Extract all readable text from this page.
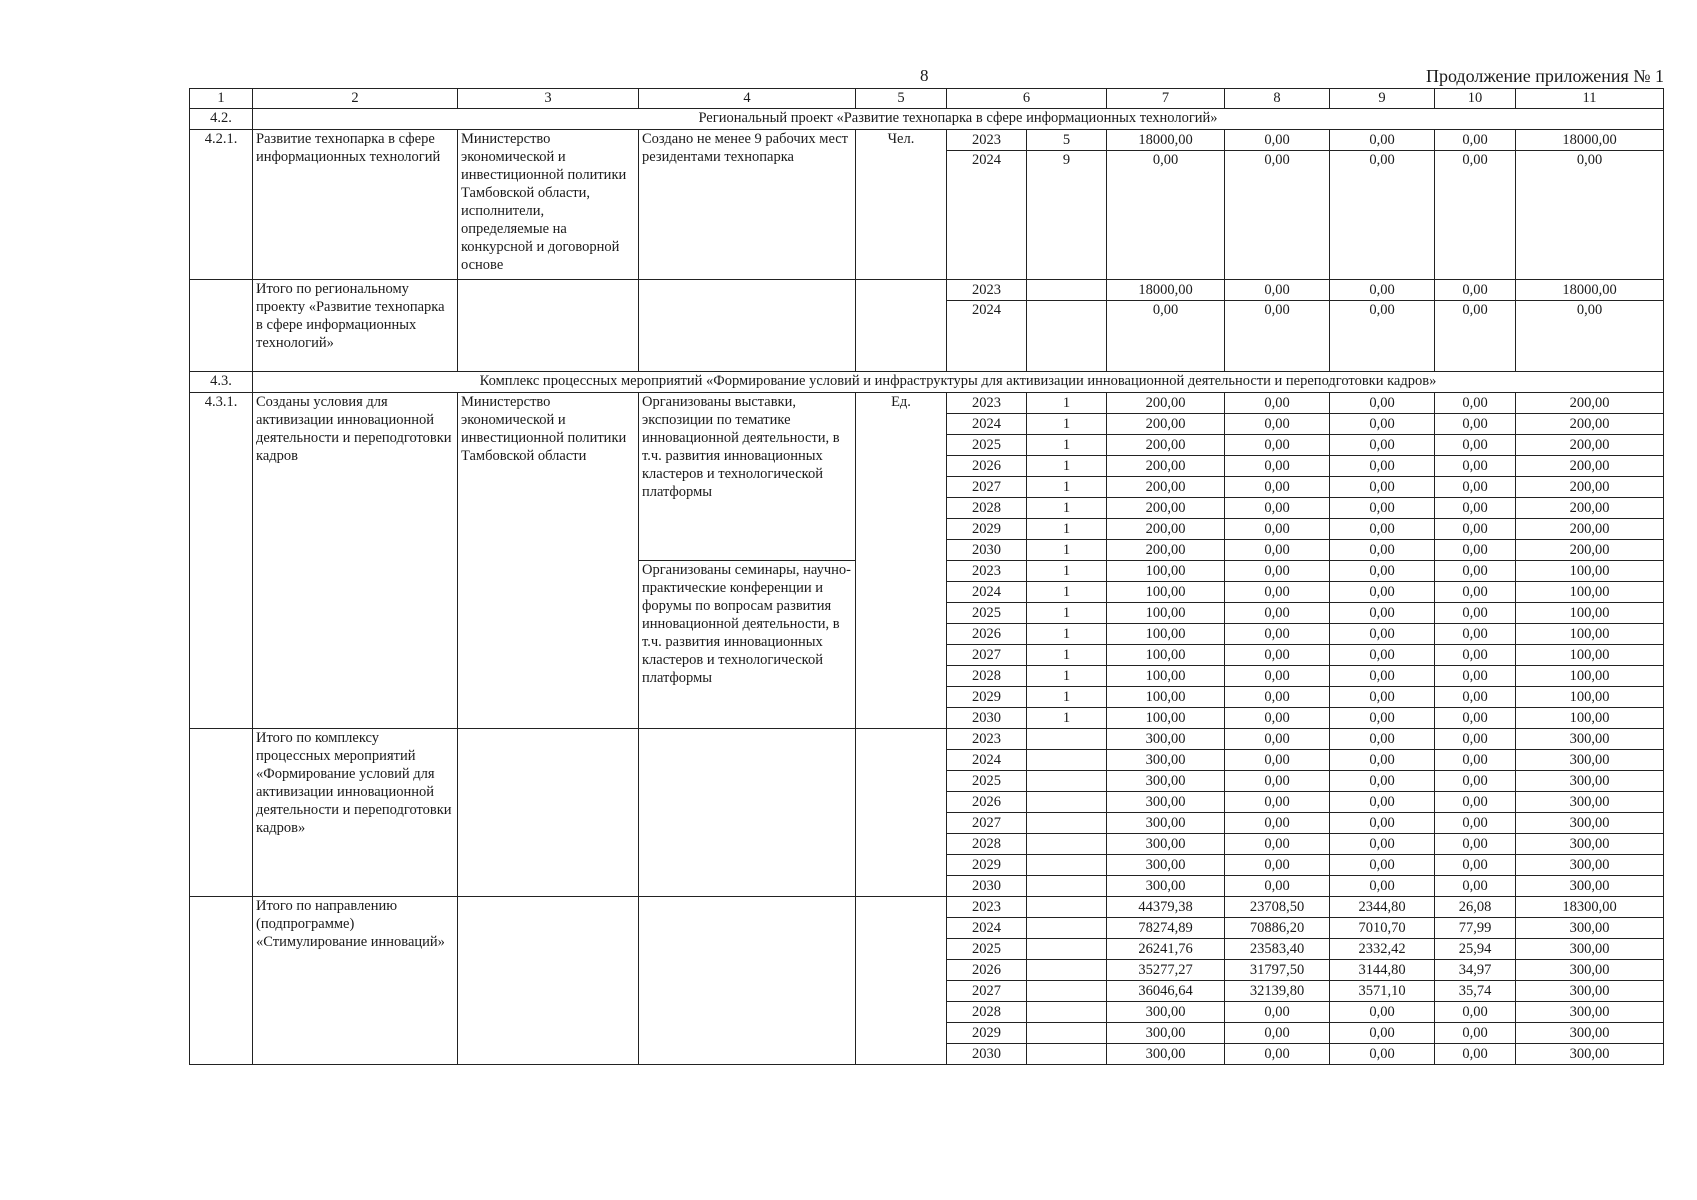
8	Продолжение приложения № 1
1	2	3	4	5	6		7	8	9	10	11
4.2.	Региональный проект «Развитие технопарка в сфере информационных технологий»										
4.2.1.	Развитие технопарка в сфере информационных технологий	Министерство экономической и инвестиционной политики Тамбовской области, исполнители, определяемые на конкурсной и договорной основе	Создано не менее 9 рабочих мест резидентами технопарка	Чел.	2023	5	18000,00	0,00	0,00	0,00	18000,00
					2024	9	0,00	0,00	0,00	0,00	0,00
	Итого по региональному проекту «Развитие технопарка в сфере информационных технологий»				2023		18000,00	0,00	0,00	0,00	18000,00
					2024		0,00	0,00	0,00	0,00	0,00
4.3.	Комплекс процессных мероприятий «Формирование условий и инфраструктуры для активизации инновационной деятельности и переподготовки кадров»										
4.3.1.	Созданы условия для активизации инновационной деятельности и переподготовки кадров	Министерство экономической и инвестиционной политики Тамбовской области	Организованы выставки, экспозиции по тематике инновационной деятельности, в т.ч. развития инновационных кластеров и технологической платформы	Ед.	2023	1	200,00	0,00	0,00	0,00	200,00
					2024	1	200,00	0,00	0,00	0,00	200,00
					2025	1	200,00	0,00	0,00	0,00	200,00
					2026	1	200,00	0,00	0,00	0,00	200,00
					2027	1	200,00	0,00	0,00	0,00	200,00
					2028	1	200,00	0,00	0,00	0,00	200,00
					2029	1	200,00	0,00	0,00	0,00	200,00
					2030	1	200,00	0,00	0,00	0,00	200,00
			Организованы семинары, научно-практические конференции и форумы по вопросам развития инновационной деятельности, в т.ч. развития инновационных кластеров и технологической платформы		2023	1	100,00	0,00	0,00	0,00	100,00
					2024	1	100,00	0,00	0,00	0,00	100,00
					2025	1	100,00	0,00	0,00	0,00	100,00
					2026	1	100,00	0,00	0,00	0,00	100,00
					2027	1	100,00	0,00	0,00	0,00	100,00
					2028	1	100,00	0,00	0,00	0,00	100,00
					2029	1	100,00	0,00	0,00	0,00	100,00
					2030	1	100,00	0,00	0,00	0,00	100,00
	Итого по комплексу процессных мероприятий «Формирование условий для активизации инновационной деятельности и переподготовки кадров»				2023		300,00	0,00	0,00	0,00	300,00
					2024		300,00	0,00	0,00	0,00	300,00
					2025		300,00	0,00	0,00	0,00	300,00
					2026		300,00	0,00	0,00	0,00	300,00
					2027		300,00	0,00	0,00	0,00	300,00
					2028		300,00	0,00	0,00	0,00	300,00
					2029		300,00	0,00	0,00	0,00	300,00
					2030		300,00	0,00	0,00	0,00	300,00
	Итого по направлению (подпрограмме) «Стимулирование инноваций»				2023		44379,38	23708,50	2344,80	26,08	18300,00
					2024		78274,89	70886,20	7010,70	77,99	300,00
					2025		26241,76	23583,40	2332,42	25,94	300,00
					2026		35277,27	31797,50	3144,80	34,97	300,00
					2027		36046,64	32139,80	3571,10	35,74	300,00
					2028		300,00	0,00	0,00	0,00	300,00
					2029		300,00	0,00	0,00	0,00	300,00
					2030		300,00	0,00	0,00	0,00	300,00
